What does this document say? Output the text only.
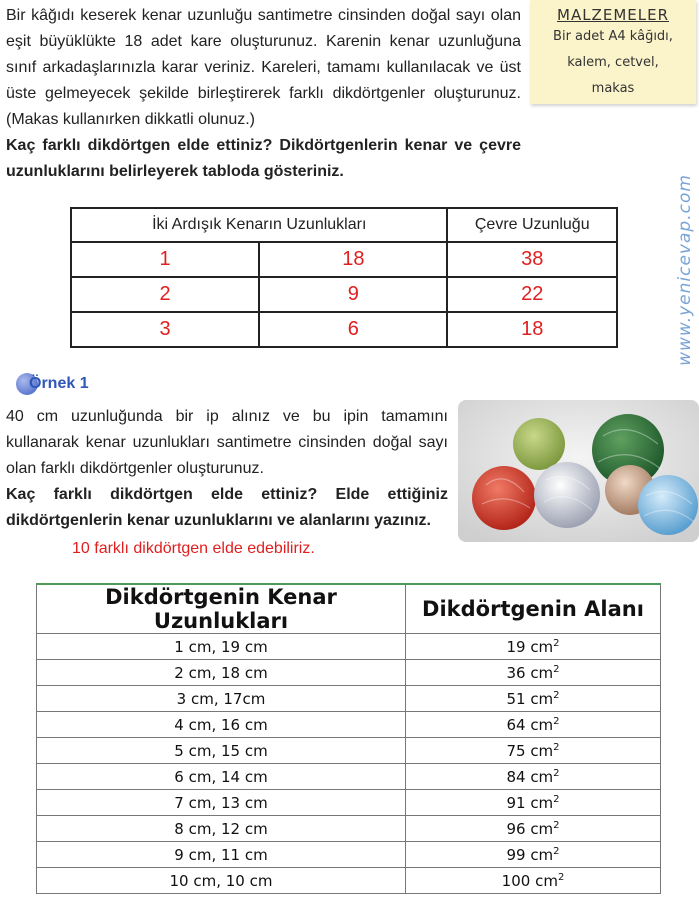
Bir kâğıdı keserek kenar uzunluğu santimetre cinsinden doğal sayı olan eşit büyüklükte 18 adet kare oluşturunuz. Karenin kenar uzunluğuna sınıf arkadaşlarınızla karar veriniz. Kareleri, tamamı kullanılacak ve üst üste gelmeyecek şekilde birleştirerek farklı dikdörtgenler oluşturunuz. (Makas kullanırken dikkatli olunuz.)
Kaç farklı dikdörtgen elde ettiniz? Dikdörtgenlerin kenar ve çevre uzunluklarını belirleyerek tabloda gösteriniz.

MALZEMELER
Bir adet A4 kâğıdı,
kalem, cetvel,
makas
İki Ardışık Kenarın Uzunlukları		Çevre Uzunluğu
1	18	38
2	9	22
3	6	18	www.yenicevap.com
Örnek 1

40 cm uzunluğunda bir ip alınız ve bu ipin tamamını kullanarak kenar uzunlukları santimetre cinsinden doğal sayı olan farklı dikdörtgenler oluşturunuz.
Kaç farklı dikdörtgen elde ettiniz? Elde ettiğiniz dikdörtgenlerin kenar uzunluklarını ve alanlarını yazınız.

10 farklı dikdörtgen elde edebiliriz.
Dikdörtgenin Kenar Uzunlukları	Dikdörtgenin Alanı
1 cm, 19 cm	19 $cm^2$
2 cm, 18 cm	36 $cm^2$
3 cm, 17cm	51 $cm^2$
4 cm, 16 cm	64 $cm^2$
5 cm, 15 cm	75 $cm^2$
6 cm, 14 cm	84 $cm^2$
7 cm, 13 cm	91 $cm^2$
8 cm, 12 cm	96 $cm^2$
9 cm, 11 cm	99 $cm^2$
10 cm, 10 cm	100 $cm^2$
